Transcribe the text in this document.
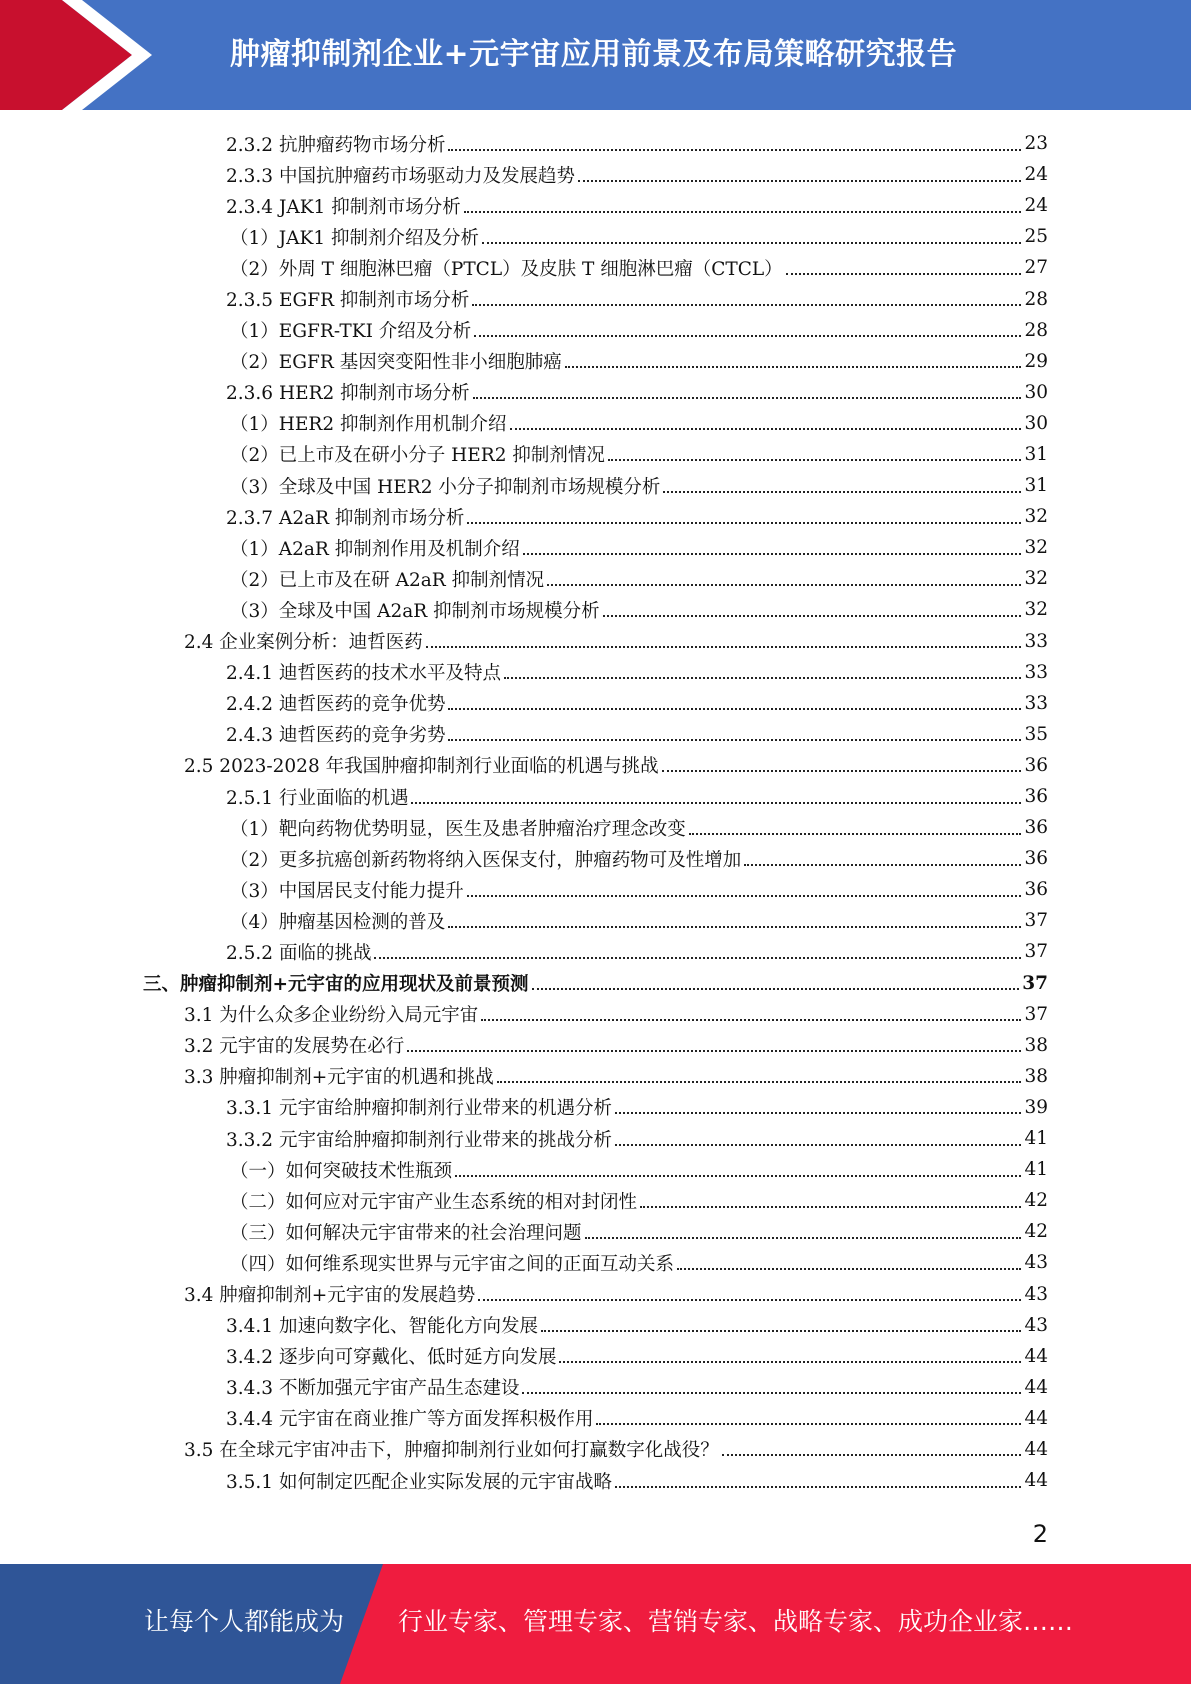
肿瘤抑制剂企业+元宇宙应用前景及布局策略研究报告
2.3.2 抗肿瘤药物市场分析	23
2.3.3 中国抗肿瘤药市场驱动力及发展趋势	24
2.3.4 JAK1 抑制剂市场分析	24
（1）JAK1 抑制剂介绍及分析	25
（2）外周 T 细胞淋巴瘤（PTCL）及皮肤 T 细胞淋巴瘤（CTCL）	27
2.3.5 EGFR 抑制剂市场分析	28
（1）EGFR-TKI 介绍及分析	28
（2）EGFR 基因突变阳性非小细胞肺癌	29
2.3.6 HER2 抑制剂市场分析	30
（1）HER2 抑制剂作用机制介绍	30
（2）已上市及在研小分子 HER2 抑制剂情况	31
（3）全球及中国 HER2 小分子抑制剂市场规模分析	31
2.3.7 A2aR 抑制剂市场分析	32
（1）A2aR 抑制剂作用及机制介绍	32
（2）已上市及在研 A2aR 抑制剂情况	32
（3）全球及中国 A2aR 抑制剂市场规模分析	32
2.4 企业案例分析：迪哲医药	33
2.4.1 迪哲医药的技术水平及特点	33
2.4.2 迪哲医药的竞争优势	33
2.4.3 迪哲医药的竞争劣势	35
2.5 2023-2028 年我国肿瘤抑制剂行业面临的机遇与挑战	36
2.5.1 行业面临的机遇	36
（1）靶向药物优势明显，医生及患者肿瘤治疗理念改变	36
（2）更多抗癌创新药物将纳入医保支付，肿瘤药物可及性增加	36
（3）中国居民支付能力提升	36
（4）肿瘤基因检测的普及	37
2.5.2 面临的挑战	37
三、肿瘤抑制剂+元宇宙的应用现状及前景预测	37
3.1 为什么众多企业纷纷入局元宇宙	37
3.2 元宇宙的发展势在必行	38
3.3 肿瘤抑制剂+元宇宙的机遇和挑战	38
3.3.1 元宇宙给肿瘤抑制剂行业带来的机遇分析	39
3.3.2 元宇宙给肿瘤抑制剂行业带来的挑战分析	41
（一）如何突破技术性瓶颈	41
（二）如何应对元宇宙产业生态系统的相对封闭性	42
（三）如何解决元宇宙带来的社会治理问题	42
（四）如何维系现实世界与元宇宙之间的正面互动关系	43
3.4 肿瘤抑制剂+元宇宙的发展趋势	43
3.4.1 加速向数字化、智能化方向发展	43
3.4.2 逐步向可穿戴化、低时延方向发展	44
3.4.3 不断加强元宇宙产品生态建设	44
3.4.4 元宇宙在商业推广等方面发挥积极作用	44
3.5 在全球元宇宙冲击下，肿瘤抑制剂行业如何打赢数字化战役？	44
3.5.1 如何制定匹配企业实际发展的元宇宙战略	44
2
让每个人都能成为 行业专家、管理专家、营销专家、战略专家、成功企业家……
